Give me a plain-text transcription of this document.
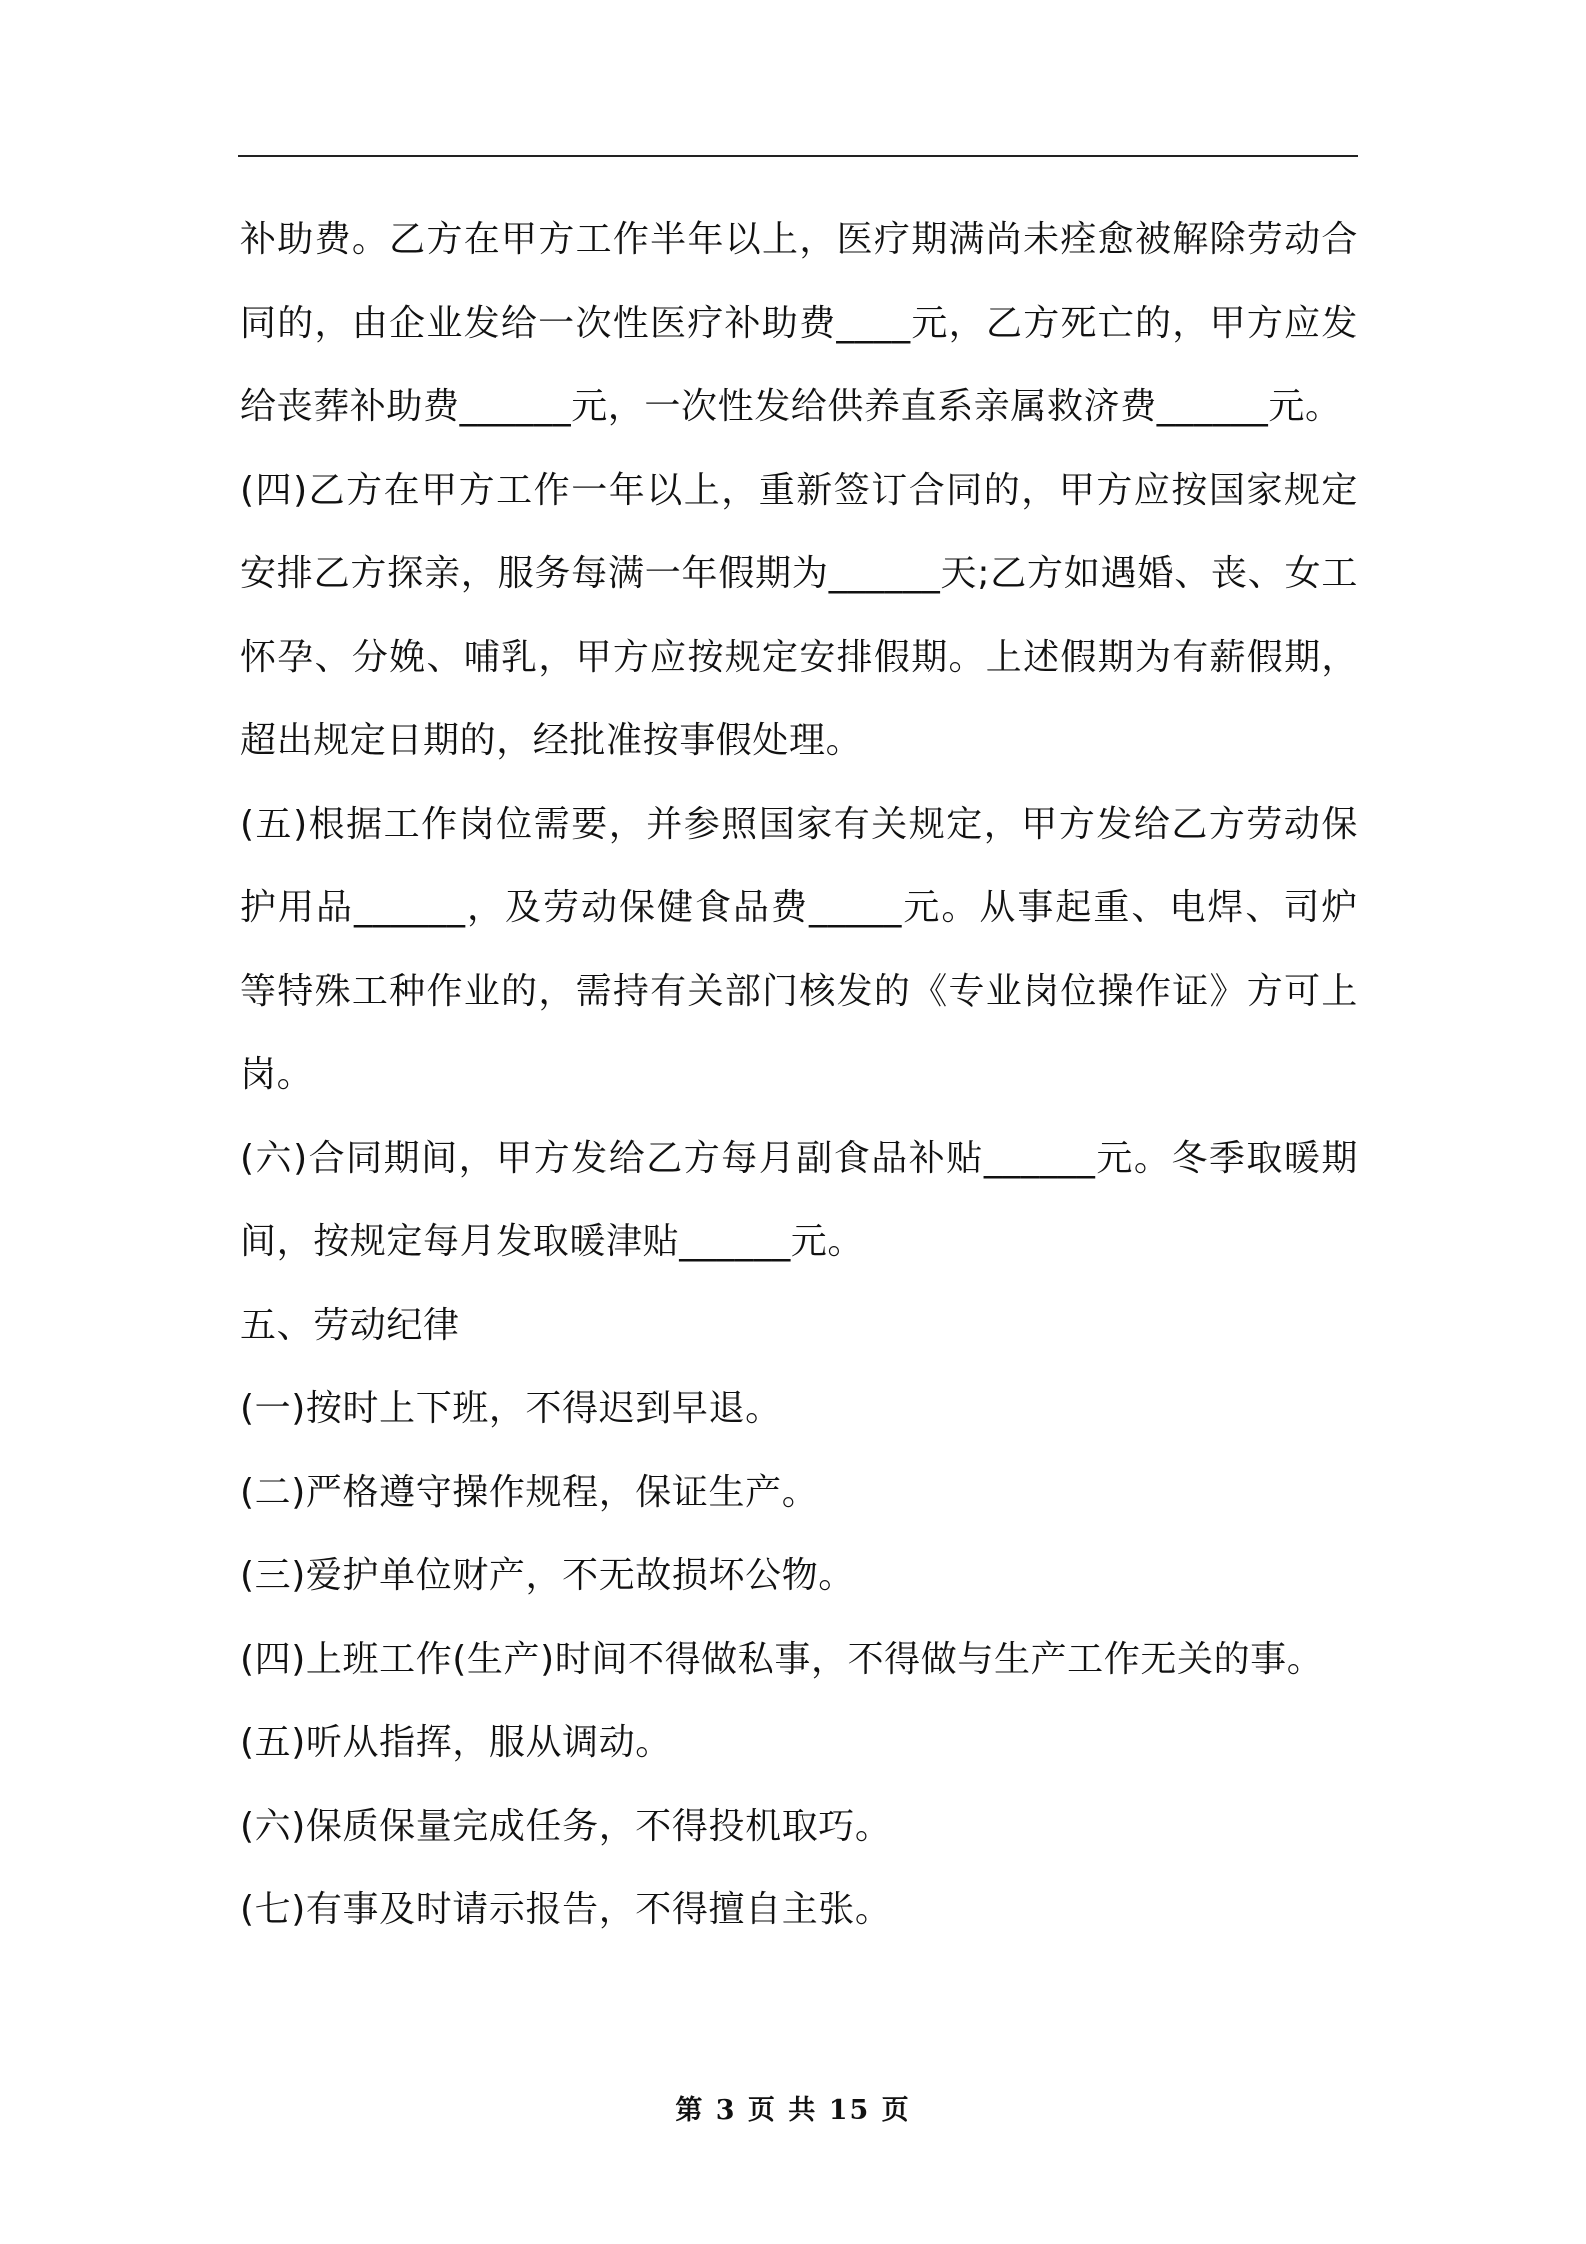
补助费。乙方在甲方工作半年以上，医疗期满尚未痊愈被解除劳动合同的，由企业发给一次性医疗补助费____元，乙方死亡的，甲方应发给丧葬补助费______元，一次性发给供养直系亲属救济费______元。

(四)乙方在甲方工作一年以上，重新签订合同的，甲方应按国家规定安排乙方探亲，服务每满一年假期为______天;乙方如遇婚、丧、女工怀孕、分娩、哺乳，甲方应按规定安排假期。上述假期为有薪假期，超出规定日期的，经批准按事假处理。

(五)根据工作岗位需要，并参照国家有关规定，甲方发给乙方劳动保护用品______，及劳动保健食品费_____元。从事起重、电焊、司炉等特殊工种作业的，需持有关部门核发的《专业岗位操作证》方可上岗。

(六)合同期间，甲方发给乙方每月副食品补贴______元。冬季取暖期间，按规定每月发取暖津贴______元。

五、劳动纪律

(一)按时上下班，不得迟到早退。

(二)严格遵守操作规程，保证生产。

(三)爱护单位财产，不无故损坏公物。

(四)上班工作(生产)时间不得做私事，不得做与生产工作无关的事。

(五)听从指挥，服从调动。

(六)保质保量完成任务，不得投机取巧。

(七)有事及时请示报告，不得擅自主张。

第 3 页 共 15 页
